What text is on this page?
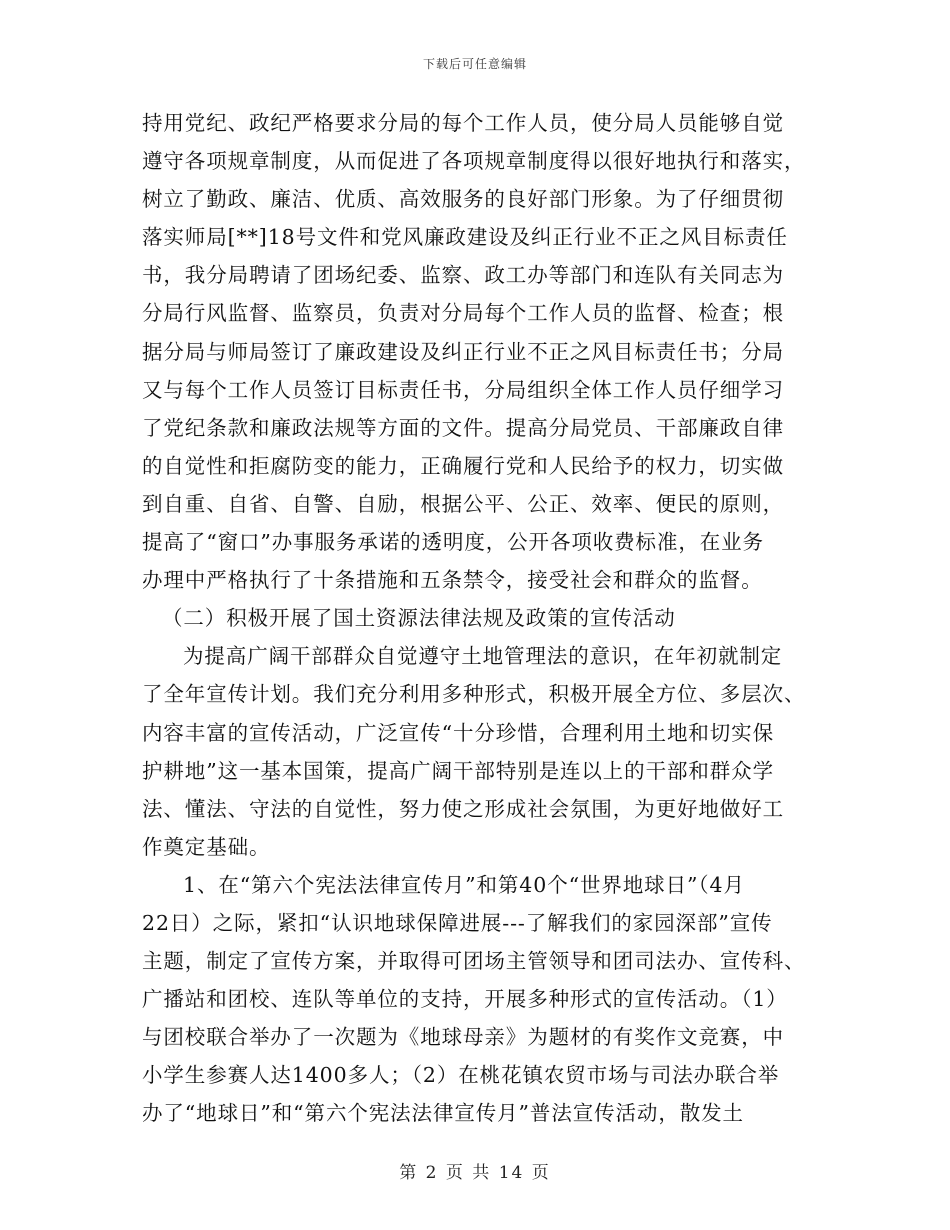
下载后可任意编辑
持用党纪、政纪严格要求分局的每个工作人员，使分局人员能够自觉
遵守各项规章制度，从而促进了各项规章制度得以很好地执行和落实，
树立了勤政、廉洁、优质、高效服务的良好部门形象。为了仔细贯彻
落实师局[**]18号文件和党风廉政建设及纠正行业不正之风目标责任
书，我分局聘请了团场纪委、监察、政工办等部门和连队有关同志为
分局行风监督、监察员，负责对分局每个工作人员的监督、检查；根
据分局与师局签订了廉政建设及纠正行业不正之风目标责任书；分局
又与每个工作人员签订目标责任书，分局组织全体工作人员仔细学习
了党纪条款和廉政法规等方面的文件。提高分局党员、干部廉政自律
的自觉性和拒腐防变的能力，正确履行党和人民给予的权力，切实做
到自重、自省、自警、自励，根据公平、公正、效率、便民的原则，
提高了“窗口”办事服务承诺的透明度，公开各项收费标准，在业务
办理中严格执行了十条措施和五条禁令，接受社会和群众的监督。
（二）积极开展了国土资源法律法规及政策的宣传活动
为提高广阔干部群众自觉遵守土地管理法的意识，在年初就制定
了全年宣传计划。我们充分利用多种形式，积极开展全方位、多层次、
内容丰富的宣传活动，广泛宣传“十分珍惜，合理利用土地和切实保
护耕地”这一基本国策，提高广阔干部特别是连以上的干部和群众学
法、懂法、守法的自觉性，努力使之形成社会氛围，为更好地做好工
作奠定基础。
1、在“第六个宪法法律宣传月”和第40个“世界地球日”（4月
22日）之际，紧扣“认识地球保障进展---了解我们的家园深部”宣传
主题，制定了宣传方案，并取得可团场主管领导和团司法办、宣传科、
广播站和团校、连队等单位的支持，开展多种形式的宣传活动。（1）
与团校联合举办了一次题为《地球母亲》为题材的有奖作文竞赛，中
小学生参赛人达1400多人；（2）在桃花镇农贸市场与司法办联合举
办了“地球日”和“第六个宪法法律宣传月”普法宣传活动，散发土
第 2 页 共 14 页
